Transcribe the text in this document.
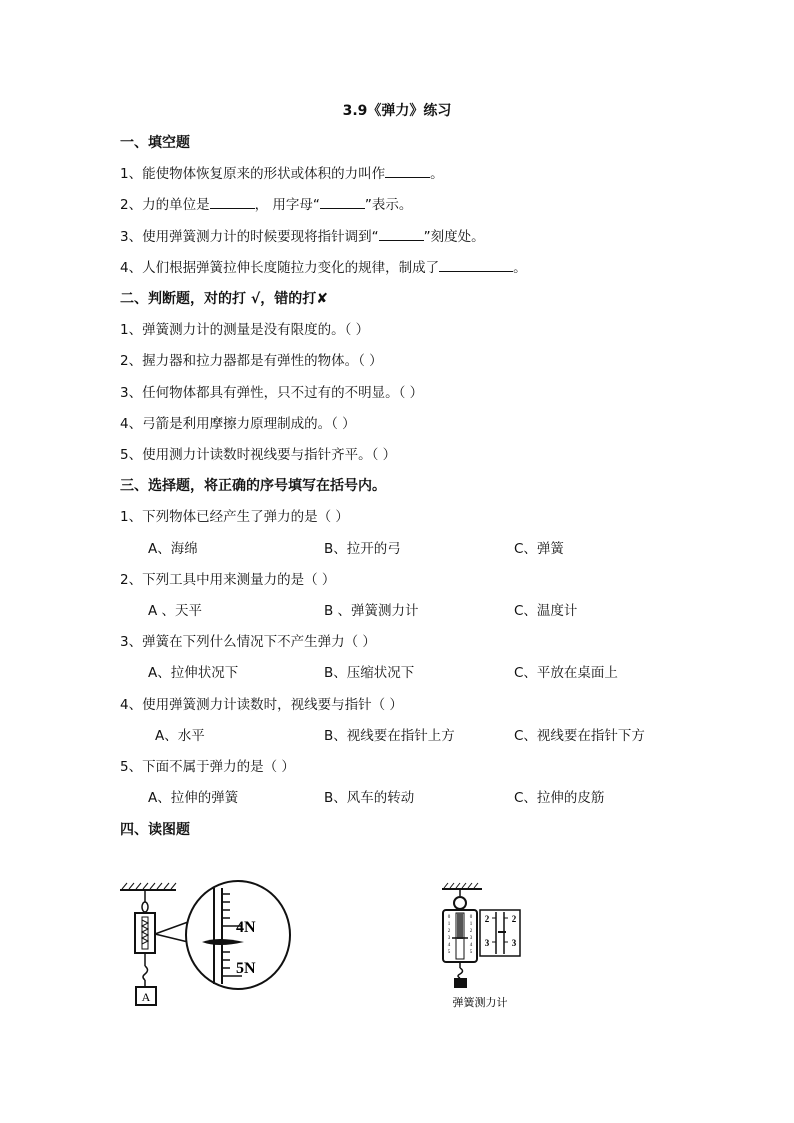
3.9《弹力》练习
一、填空题
1、能使物体恢复原来的形状或体积的力叫作	。
2、力的单位是	， 用字母“	”表示。
3、使用弹簧测力计的时候要现将指针调到“	”刻度处。
4、人们根据弹簧拉伸长度随拉力变化的规律，制成了	。
二、判断题，对的打 √，错的打✘
1、弹簧测力计的测量是没有限度的。（ ）
2、握力器和拉力器都是有弹性的物体。（ ）
3、任何物体都具有弹性，只不过有的不明显。（ ）
4、弓箭是利用摩擦力原理制成的。（ ）
5、使用测力计读数时视线要与指针齐平。（ ）
三、选择题，将正确的序号填写在括号内。
1、下列物体已经产生了弹力的是（ ）
A、海绵	B、拉开的弓	C、弹簧
2、下列工具中用来测量力的是（ ）
A 、天平	B 、弹簧测力计	C、温度计
3、弹簧在下列什么情况下不产生弹力（ ）
A、拉伸状况下	B、压缩状况下	C、平放在桌面上
4、使用弹簧测力计读数时，视线要与指针（ ）
A、水平	B、视线要在指针上方	C、视线要在指针下方
5、下面不属于弹力的是（ ）
A、拉伸的弹簧	B、风车的转动	C、拉伸的皮筋
四、读图题
A
4N
5N
0
1
2
3
4
5
0
1
2
3
4
5
2
3
2
3
弹簧测力计
